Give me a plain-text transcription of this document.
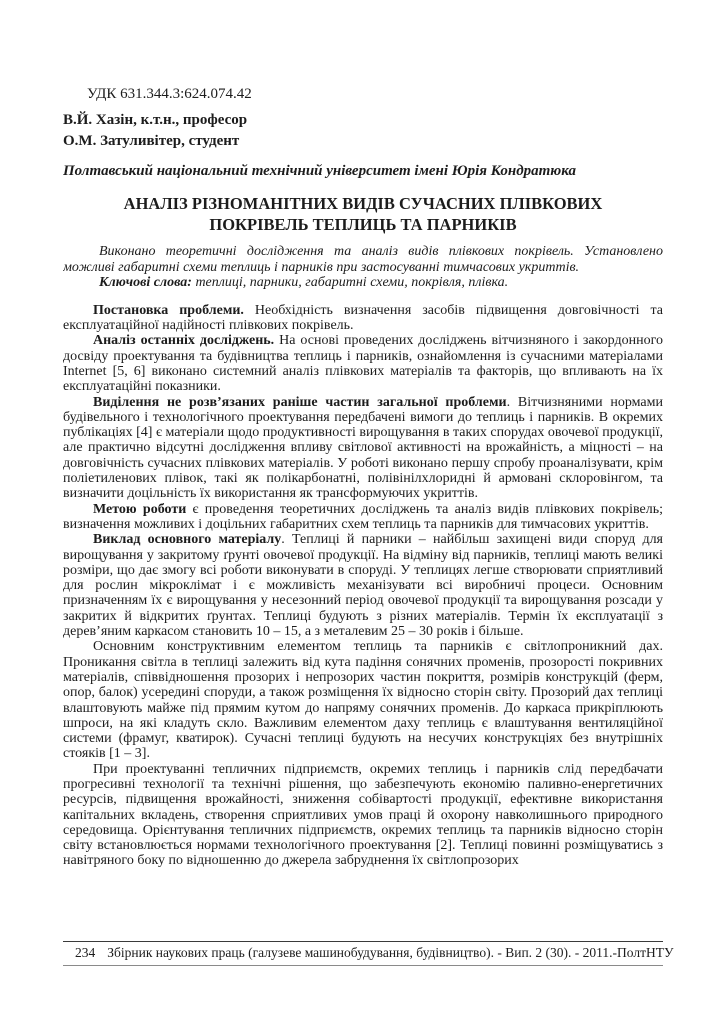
УДК 631.344.3:624.074.42
В.Й. Хазін, к.т.н., професор
О.М. Затуливітер, студент
Полтавський національний технічний університет імені Юрія Кондратюка
АНАЛІЗ РІЗНОМАНІТНИХ ВИДІВ СУЧАСНИХ ПЛІВКОВИХ
ПОКРІВЕЛЬ ТЕПЛИЦЬ ТА ПАРНИКІВ

Виконано теоретичні дослідження та аналіз видів плівкових покрівель. Установлено можливі габаритні схеми теплиць і парників при застосуванні тимчасових укриттів.

Ключові слова: теплиці, парники, габаритні схеми, покрівля, плівка.

Постановка проблеми. Необхідність визначення засобів підвищення довговічності та експлуатаційної надійності плівкових покрівель.

Аналіз останніх досліджень. На основі проведених досліджень вітчизняного і закордонного досвіду проектування та будівництва теплиць і парників, ознайомлення із сучасними матеріалами Internet [5, 6] виконано системний аналіз плівкових матеріалів та факторів, що впливають на їх експлуатаційні показники.

Виділення не розв’язаних раніше частин загальної проблеми. Вітчизняними нормами будівельного і технологічного проектування передбачені вимоги до теплиць і парників. В окремих публікаціях [4] є матеріали щодо продуктивності вирощування в таких спорудах овочевої продукції, але практично відсутні дослідження впливу світлової активності на врожайність, а міцності – на довговічність сучасних плівкових матеріалів. У роботі виконано першу спробу проаналізувати, крім поліетиленових плівок, такі як полікарбонатні, полівінілхлоридні й армовані склоровінгом, та визначити доцільність їх використання як трансформуючих укриттів.

Метою роботи є проведення теоретичних досліджень та аналіз видів плівкових покрівель; визначення можливих і доцільних габаритних схем теплиць та парників для тимчасових укриттів.

Виклад основного матеріалу. Теплиці й парники – найбільш захищені види споруд для вирощування у закритому ґрунті овочевої продукції. На відміну від парників, теплиці мають великі розміри, що дає змогу всі роботи виконувати в споруді. У теплицях легше створювати сприятливий для рослин мікроклімат і є можливість механізувати всі виробничі процеси. Основним призначенням їх є вирощування у несезонний період овочевої продукції та вирощування розсади у закритих й відкритих ґрунтах. Теплиці будують з різних матеріалів. Термін їх експлуатації з дерев’яним каркасом становить 10 – 15, а з металевим 25 – 30 років і більше.

Основним конструктивним елементом теплиць та парників є світлопроникний дах. Проникання світла в теплиці залежить від кута падіння сонячних променів, прозорості покривних матеріалів, співвідношення прозорих і непрозорих частин покриття, розмірів конструкцій (ферм, опор, балок) усередині споруди, а також розміщення їх відносно сторін світу. Прозорий дах теплиці влаштовують майже під прямим кутом до напряму сонячних променів. До каркаса прикріплюють шпроси, на які кладуть скло. Важливим елементом даху теплиць є влаштування вентиляційної системи (фрамуг, кватирок). Сучасні теплиці будують на несучих конструкціях без внутрішніх стояків [1 – 3].

При проектуванні тепличних підприємств, окремих теплиць і парників слід передбачати прогресивні технології та технічні рішення, що забезпечують економію паливно-енергетичних ресурсів, підвищення врожайності, зниження собівартості продукції, ефективне використання капітальних вкладень, створення сприятливих умов праці й охорону навколишнього природного середовища. Орієнтування тепличних підприємств, окремих теплиць та парників відносно сторін світу встановлюється нормами технологічного проектування [2]. Теплиці повинні розміщуватись з навітряного боку по відношенню до джерела забруднення їх світлопрозорих

234 Збірник наукових праць (галузеве машинобудування, будівництво). - Вип. 2 (30). - 2011.-ПолтНТУ
